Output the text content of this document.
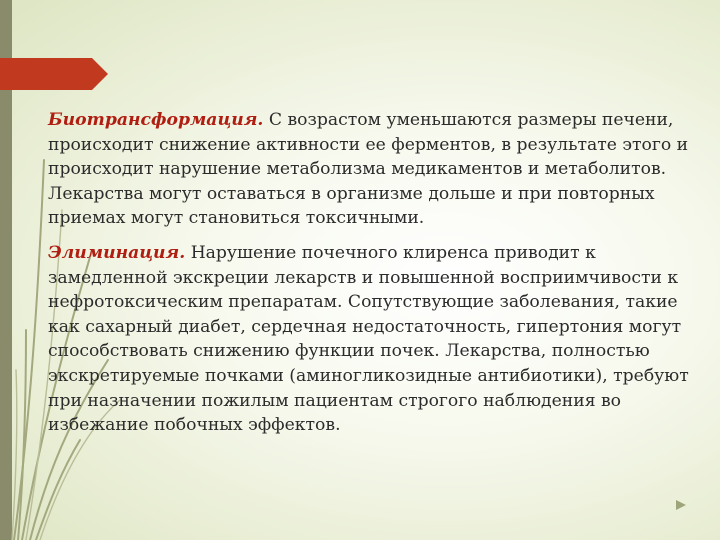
Биотрансформация. С возрастом уменьшаются размеры печени, происходит снижение активности ее ферментов, в результате этого и происходит нарушение метаболизма медикаментов и метаболитов. Лекарства могут оставаться в организме дольше и при повторных приемах могут становиться токсичными.

Элиминация. Нарушение почечного клиренса приводит к замедленной экскреции лекарств и повышенной восприимчивости к нефротоксическим препаратам. Сопутствующие заболевания, такие как сахарный диабет, сердечная недостаточность, гипертония могут способствовать снижению функции почек. Лекарства, полностью экскретируемые почками (аминогликозидные антибиотики), требуют при назначении пожилым пациентам строгого наблюдения во избежание побочных эффектов.
